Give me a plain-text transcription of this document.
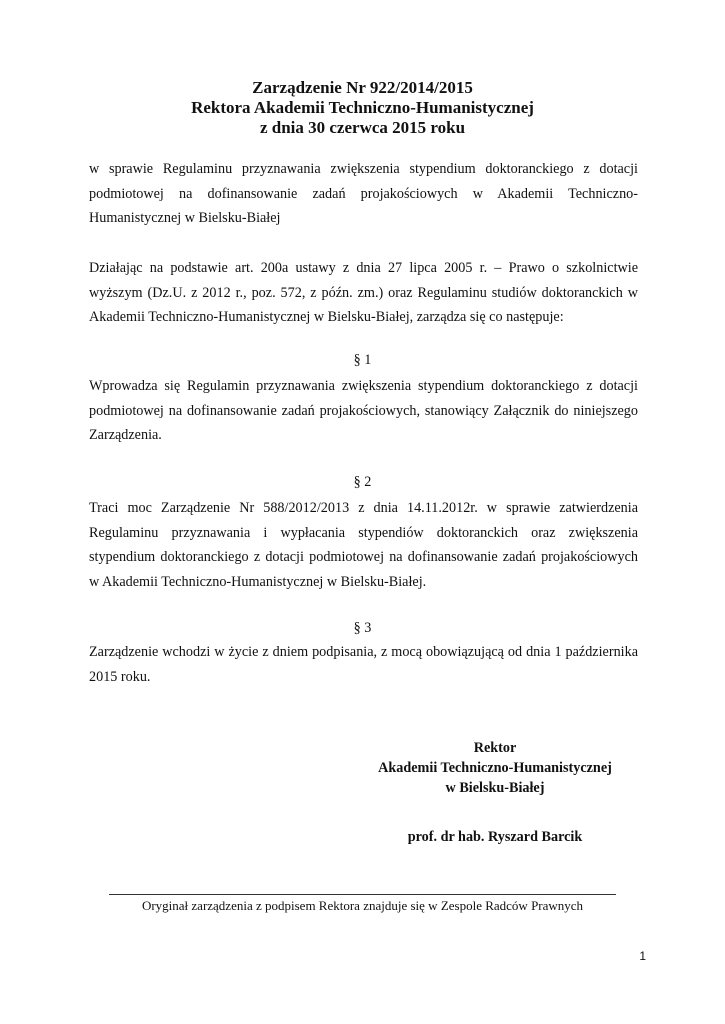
Zarządzenie Nr 922/2014/2015
Rektora Akademii Techniczno-Humanistycznej
z dnia 30 czerwca 2015 roku

w sprawie Regulaminu przyznawania zwiększenia stypendium doktoranckiego z dotacji podmiotowej na dofinansowanie zadań projakościowych w Akademii Techniczno-Humanistycznej w Bielsku-Białej

Działając na podstawie art. 200a ustawy z dnia 27 lipca 2005 r. – Prawo o szkolnictwie wyższym (Dz.U. z 2012 r., poz. 572, z późn. zm.) oraz Regulaminu studiów doktoranckich w Akademii Techniczno-Humanistycznej w Bielsku-Białej, zarządza się co następuje:

§ 1

Wprowadza się Regulamin przyznawania zwiększenia stypendium doktoranckiego z dotacji podmiotowej na dofinansowanie zadań projakościowych, stanowiący Załącznik do niniejszego Zarządzenia.

§ 2

Traci moc Zarządzenie Nr 588/2012/2013 z dnia 14.11.2012r. w sprawie zatwierdzenia Regulaminu przyznawania i wypłacania stypendiów doktoranckich oraz zwiększenia stypendium doktoranckiego z dotacji podmiotowej na dofinansowanie zadań projakościowych w Akademii Techniczno-Humanistycznej w Bielsku-Białej.

§ 3

Zarządzenie wchodzi w życie z dniem podpisania, z mocą obowiązującą od dnia 1 października 2015 roku.

Rektor
Akademii Techniczno-Humanistycznej
w Bielsku-Białej
prof. dr hab. Ryszard Barcik
Oryginał zarządzenia z podpisem Rektora znajduje się w Zespole Radców Prawnych
1
